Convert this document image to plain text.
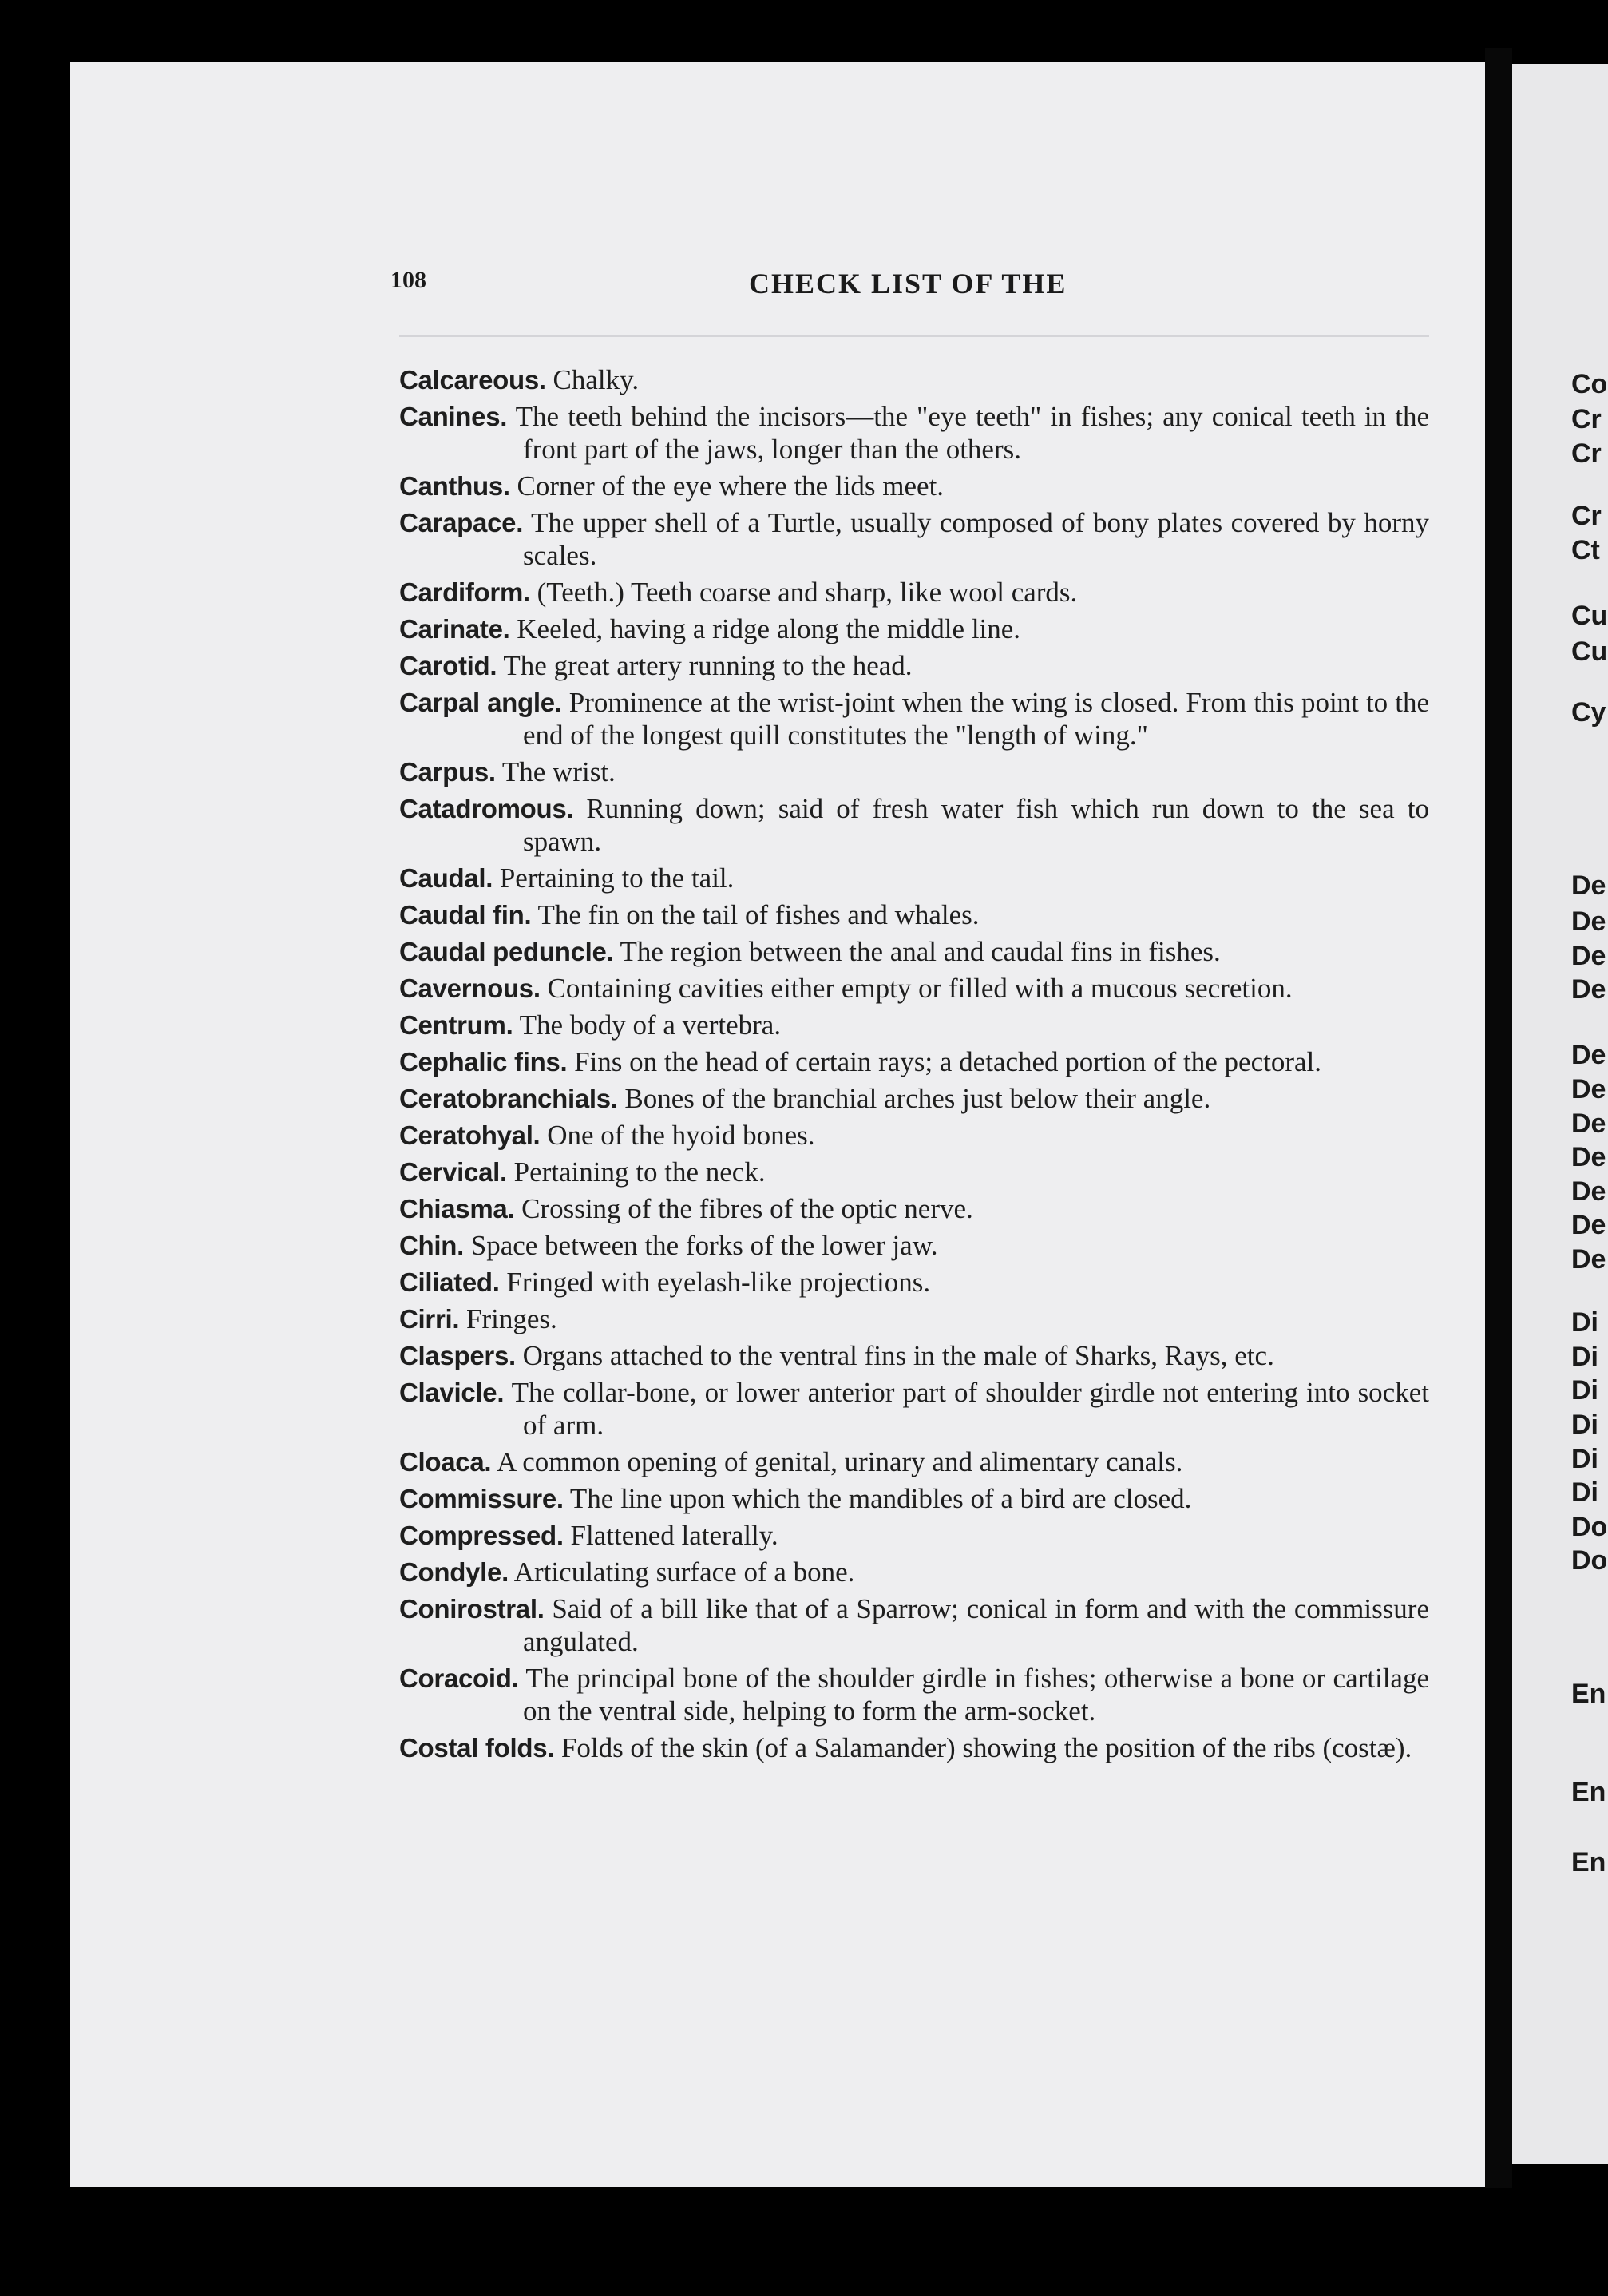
108	CHECK LIST OF THE

Calcareous. Chalky.

Canines. The teeth behind the incisors—the "eye teeth" in fishes; any conical teeth in the front part of the jaws, longer than the others.

Canthus. Corner of the eye where the lids meet.

Carapace. The upper shell of a Turtle, usually composed of bony plates covered by horny scales.

Cardiform. (Teeth.) Teeth coarse and sharp, like wool cards.

Carinate. Keeled, having a ridge along the middle line.

Carotid. The great artery running to the head.

Carpal angle. Prominence at the wrist-joint when the wing is closed. From this point to the end of the longest quill constitutes the "length of wing."

Carpus. The wrist.

Catadromous. Running down; said of fresh water fish which run down to the sea to spawn.

Caudal. Pertaining to the tail.

Caudal fin. The fin on the tail of fishes and whales.

Caudal peduncle. The region between the anal and caudal fins in fishes.

Cavernous. Containing cavities either empty or filled with a mucous secretion.

Centrum. The body of a vertebra.

Cephalic fins. Fins on the head of certain rays; a detached portion of the pectoral.

Ceratobranchials. Bones of the branchial arches just below their angle.

Ceratohyal. One of the hyoid bones.

Cervical. Pertaining to the neck.

Chiasma. Crossing of the fibres of the optic nerve.

Chin. Space between the forks of the lower jaw.

Ciliated. Fringed with eyelash-like projections.

Cirri. Fringes.

Claspers. Organs attached to the ventral fins in the male of Sharks, Rays, etc.

Clavicle. The collar-bone, or lower anterior part of shoulder girdle not entering into socket of arm.

Cloaca. A common opening of genital, urinary and alimentary canals.

Commissure. The line upon which the mandibles of a bird are closed.

Compressed. Flattened laterally.

Condyle. Articulating surface of a bone.

Conirostral. Said of a bill like that of a Sparrow; conical in form and with the commissure angulated.

Coracoid. The principal bone of the shoulder girdle in fishes; otherwise a bone or cartilage on the ventral side, helping to form the arm-socket.

Costal folds. Folds of the skin (of a Salamander) showing the position of the ribs (costæ).

Co
Cr
Cr
Cr
Ct
Cu
Cu
Cy
De
De
De
De
De
De
De
De
De
De
De
Di
Di
Di
Di
Di
Di
Do
Do
En
En
En
